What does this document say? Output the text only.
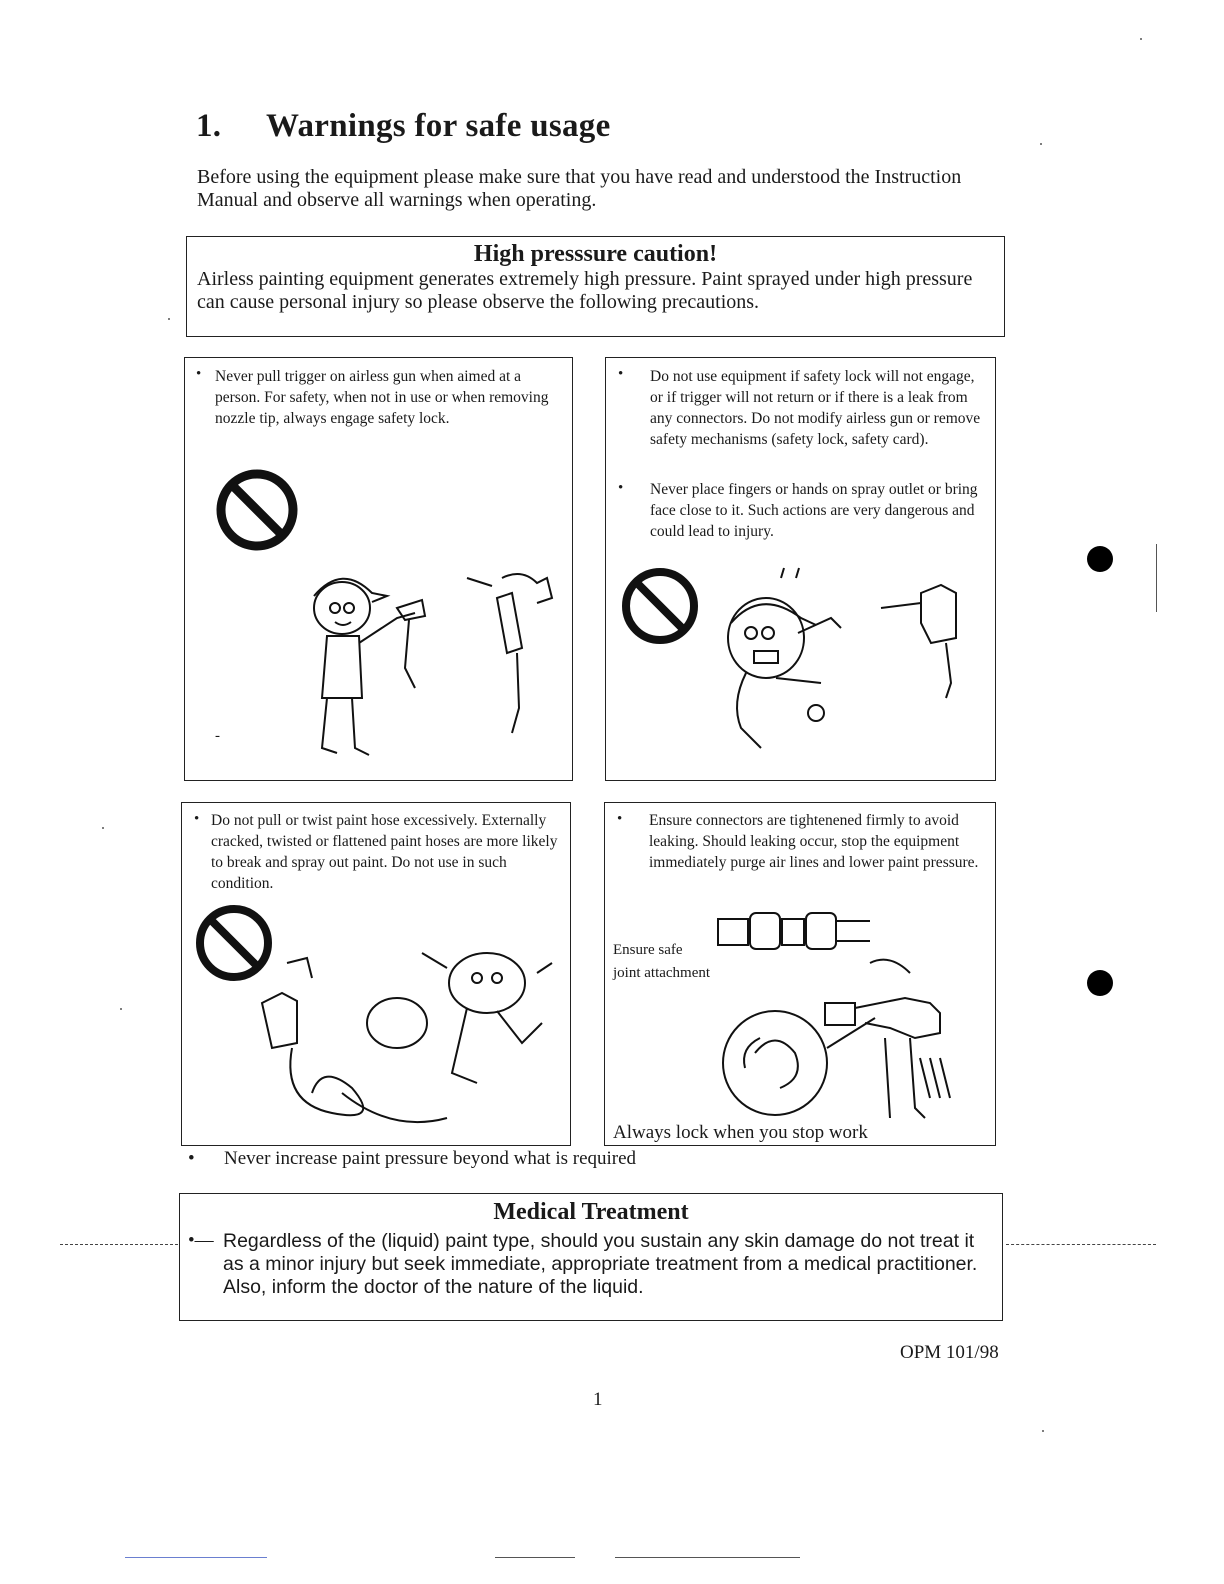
1. Warnings for safe usage
Before using the equipment please make sure that you have read and understood the Instruction Manual and observe all warnings when operating.
High presssure caution!
Airless painting equipment generates extremely high pressure. Paint sprayed under high pressure can cause personal injury so please observe the following precautions.
• Never pull trigger on airless gun when aimed at a person. For safety, when not in use or when removing nozzle tip, always engage safety lock.
-
• Do not use equipment if safety lock will not engage, or if trigger will not return or if there is a leak from any connectors. Do not modify airless gun or remove safety mechanisms (safety lock, safety card).
• Never place fingers or hands on spray outlet or bring face close to it. Such actions are very dangerous and could lead to injury.
• Do not pull or twist paint hose excessively. Externally cracked, twisted or flattened paint hoses are more likely to break and spray out paint. Do not use in such condition.
• Ensure connectors are tightenened firmly to avoid leaking. Should leaking occur, stop the equipment immediately purge air lines and lower paint pressure.
Ensure safe
joint attachment
Always lock when you stop work
• Never increase paint pressure beyond what is required
Medical Treatment
•— Regardless of the (liquid) paint type, should you sustain any skin damage do not treat it as a minor injury but seek immediate, appropriate treatment from a medical practitioner. Also, inform the doctor of the nature of the liquid.
OPM 101/98
1
